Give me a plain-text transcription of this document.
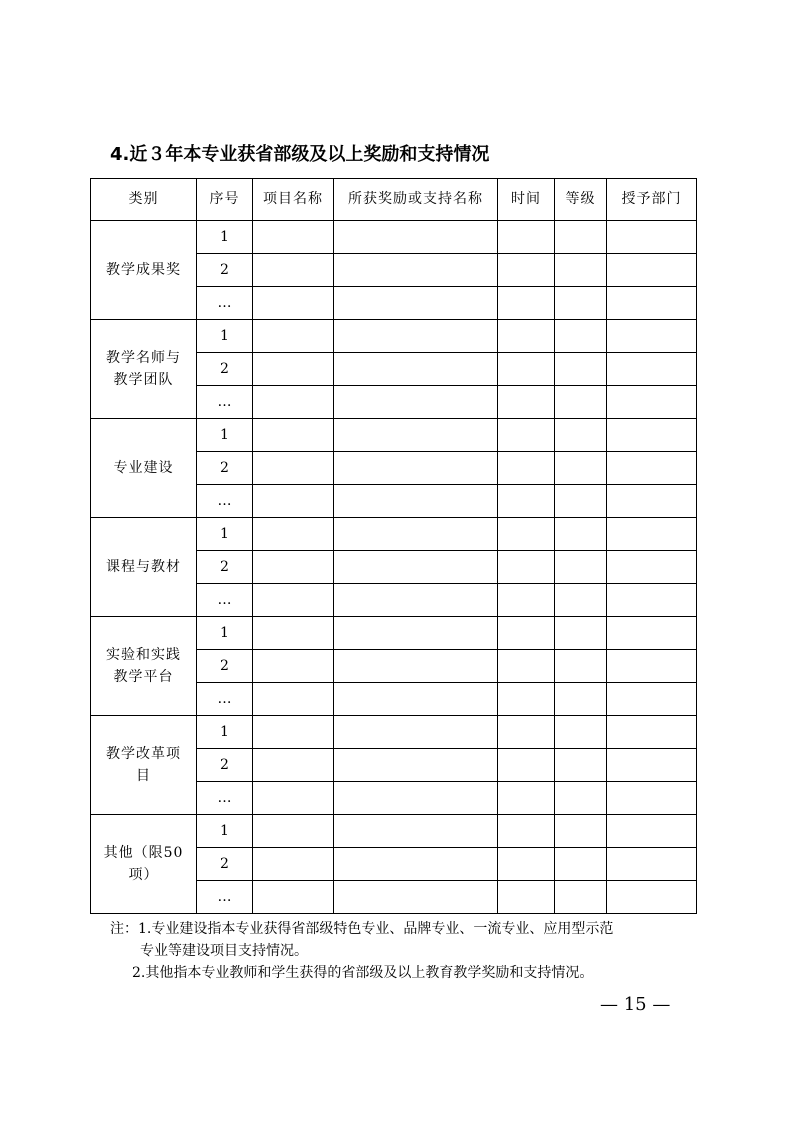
4.近３年本专业获省部级及以上奖励和支持情况
类别	序号	项目名称	所获奖励或支持名称	时间	等级	授予部门
教学成果奖	1					
	2					
	…					
教学名师与教学团队	1					
	2					
	…					
专业建设	1					
	2					
	…					
课程与教材	1					
	2					
	…					
实验和实践教学平台	1					
	2					
	…					
教学改革项目	1					
	2					
	…					
其他（限50项）	1					
	2					
	…					
注：1.专业建设指本专业获得省部级特色专业、品牌专业、一流专业、应用型示范
专业等建设项目支持情况。
2.其他指本专业教师和学生获得的省部级及以上教育教学奖励和支持情况。
— 15 —
